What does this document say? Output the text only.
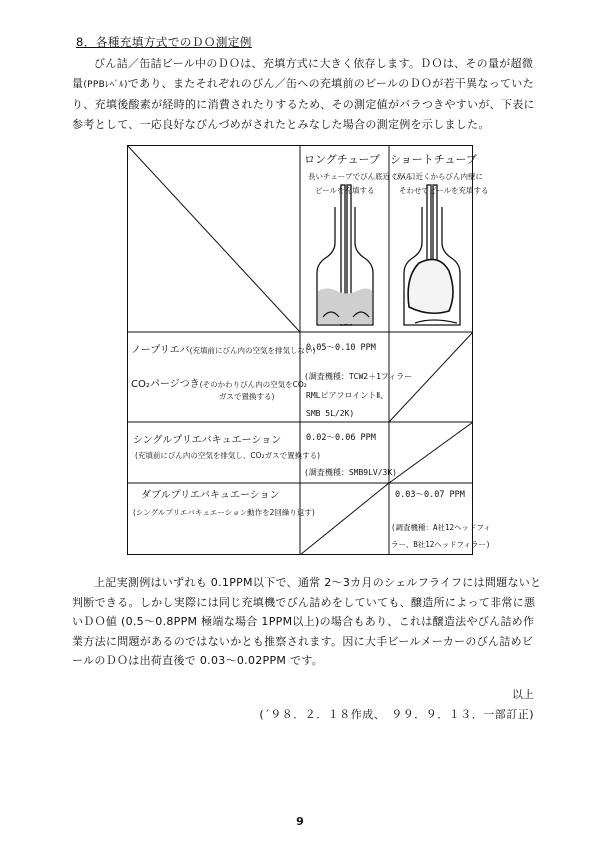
8．各種充填方式でのＤＯ測定例
びん詰／缶詰ビール中のＤＯは、充填方式に大きく依存します。ＤＯは、その量が超微量(PPBﾚﾍﾞﾙ)であり、またそれぞれのびん／缶への充填前のビールのＤＯが若干異なっていたり、充填後酸素が経時的に消費されたりするため、その測定値がバラつきやすいが、下表に参考として、一応良好なびんづめがされたとみなした場合の測定例を示しました。
ロングチューブ
長いチューブでびん底近くから
ビールを充填する
ショートチューブ
びん口近くからびん内壁に
そわせてビールを充填する
ノープリエバ(充填前にびん内の空気を排気しない)
CO₂パージつき(そのかわりびん内の空気をCO₂
ガスで置換する)
0.05～0.10 PPM
(調査機種：TCW2＋1フィラー
RMLピアフロイントⅡ、
SMB 5L/2K)
シングルプリエバキュエーション
(充填前にびん内の空気を排気し、CO₂ガスで置換する)
0.02～0.06 PPM
(調査機種：SMB9LV/3K)
ダブルプリエバキュエーション
(シングルプリエバキュエーション動作を2回繰り返す)
0.03～0.07 PPM
(調査機種：A社12ヘッドフィ
ラー、B社12ヘッドフィラー)
上記実測例はいずれも 0.1PPM以下で、通常 2～3カ月のシェルフライフには問題ないと判断できる。しかし実際には同じ充填機でびん詰めをしていても、醸造所によって非常に悪いＤＯ値 (0.5～0.8PPM 極端な場合 1PPM以上)の場合もあり、これは醸造法やびん詰め作業方法に問題があるのではないかとも推察されます。因に大手ビールメーカーのびん詰めビールのＤＯは出荷直後で 0.03～0.02PPM です。
以上
(´９８．２．１８作成、　９９．９．１３．一部訂正)
9
